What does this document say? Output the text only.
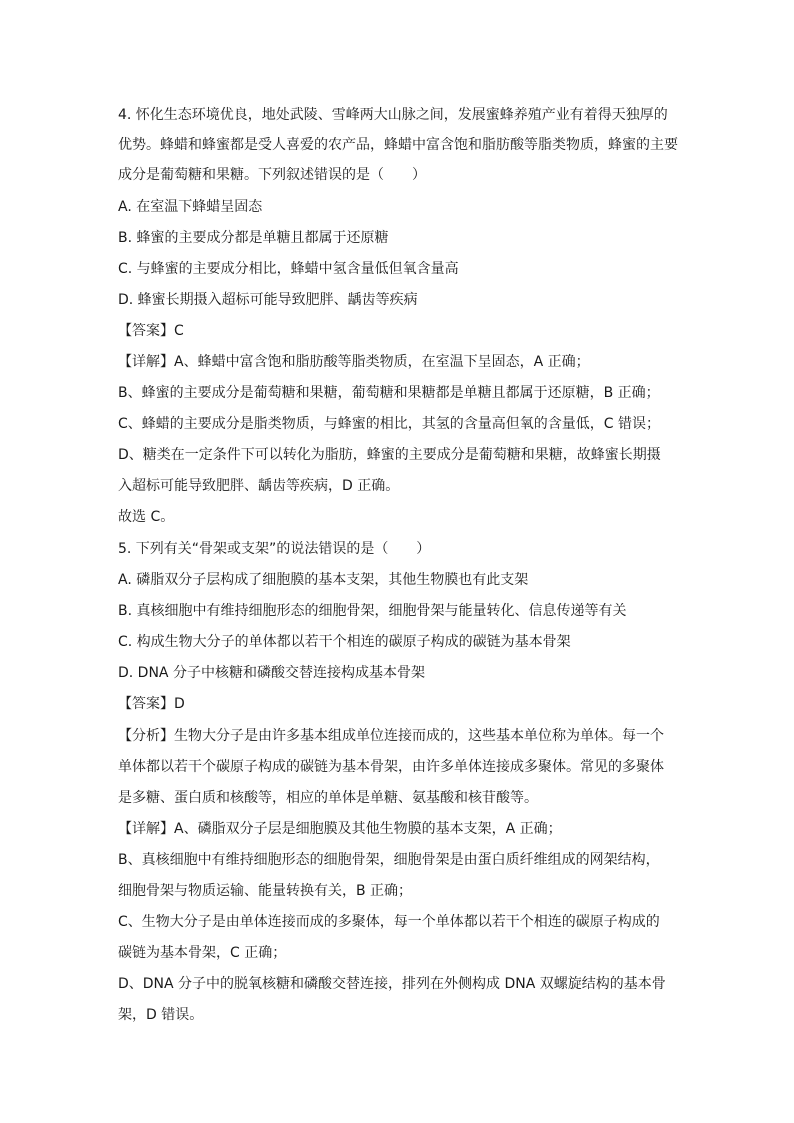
4. 怀化生态环境优良，地处武陵、雪峰两大山脉之间，发展蜜蜂养殖产业有着得天独厚的
优势。蜂蜡和蜂蜜都是受人喜爱的农产品，蜂蜡中富含饱和脂肪酸等脂类物质，蜂蜜的主要
成分是葡萄糖和果糖。下列叙述错误的是（　　）
A. 在室温下蜂蜡呈固态
B. 蜂蜜的主要成分都是单糖且都属于还原糖
C. 与蜂蜜的主要成分相比，蜂蜡中氢含量低但氧含量高
D. 蜂蜜长期摄入超标可能导致肥胖、龋齿等疾病
【答案】C
【详解】A、蜂蜡中富含饱和脂肪酸等脂类物质，在室温下呈固态，A 正确；
B、蜂蜜的主要成分是葡萄糖和果糖，葡萄糖和果糖都是单糖且都属于还原糖，B 正确；
C、蜂蜡的主要成分是脂类物质，与蜂蜜的相比，其氢的含量高但氧的含量低，C 错误；
D、糖类在一定条件下可以转化为脂肪，蜂蜜的主要成分是葡萄糖和果糖，故蜂蜜长期摄
入超标可能导致肥胖、龋齿等疾病，D 正确。
故选 C。
5. 下列有关“骨架或支架”的说法错误的是（　　）
A. 磷脂双分子层构成了细胞膜的基本支架，其他生物膜也有此支架
B. 真核细胞中有维持细胞形态的细胞骨架，细胞骨架与能量转化、信息传递等有关
C. 构成生物大分子的单体都以若干个相连的碳原子构成的碳链为基本骨架
D. DNA 分子中核糖和磷酸交替连接构成基本骨架
【答案】D
【分析】生物大分子是由许多基本组成单位连接而成的，这些基本单位称为单体。每一个
单体都以若干个碳原子构成的碳链为基本骨架，由许多单体连接成多聚体。常见的多聚体
是多糖、蛋白质和核酸等，相应的单体是单糖、氨基酸和核苷酸等。
【详解】A、磷脂双分子层是细胞膜及其他生物膜的基本支架，A 正确；
B、真核细胞中有维持细胞形态的细胞骨架，细胞骨架是由蛋白质纤维组成的网架结构，
细胞骨架与物质运输、能量转换有关，B 正确；
C、生物大分子是由单体连接而成的多聚体，每一个单体都以若干个相连的碳原子构成的
碳链为基本骨架，C 正确；
D、DNA 分子中的脱氧核糖和磷酸交替连接，排列在外侧构成 DNA 双螺旋结构的基本骨
架，D 错误。
